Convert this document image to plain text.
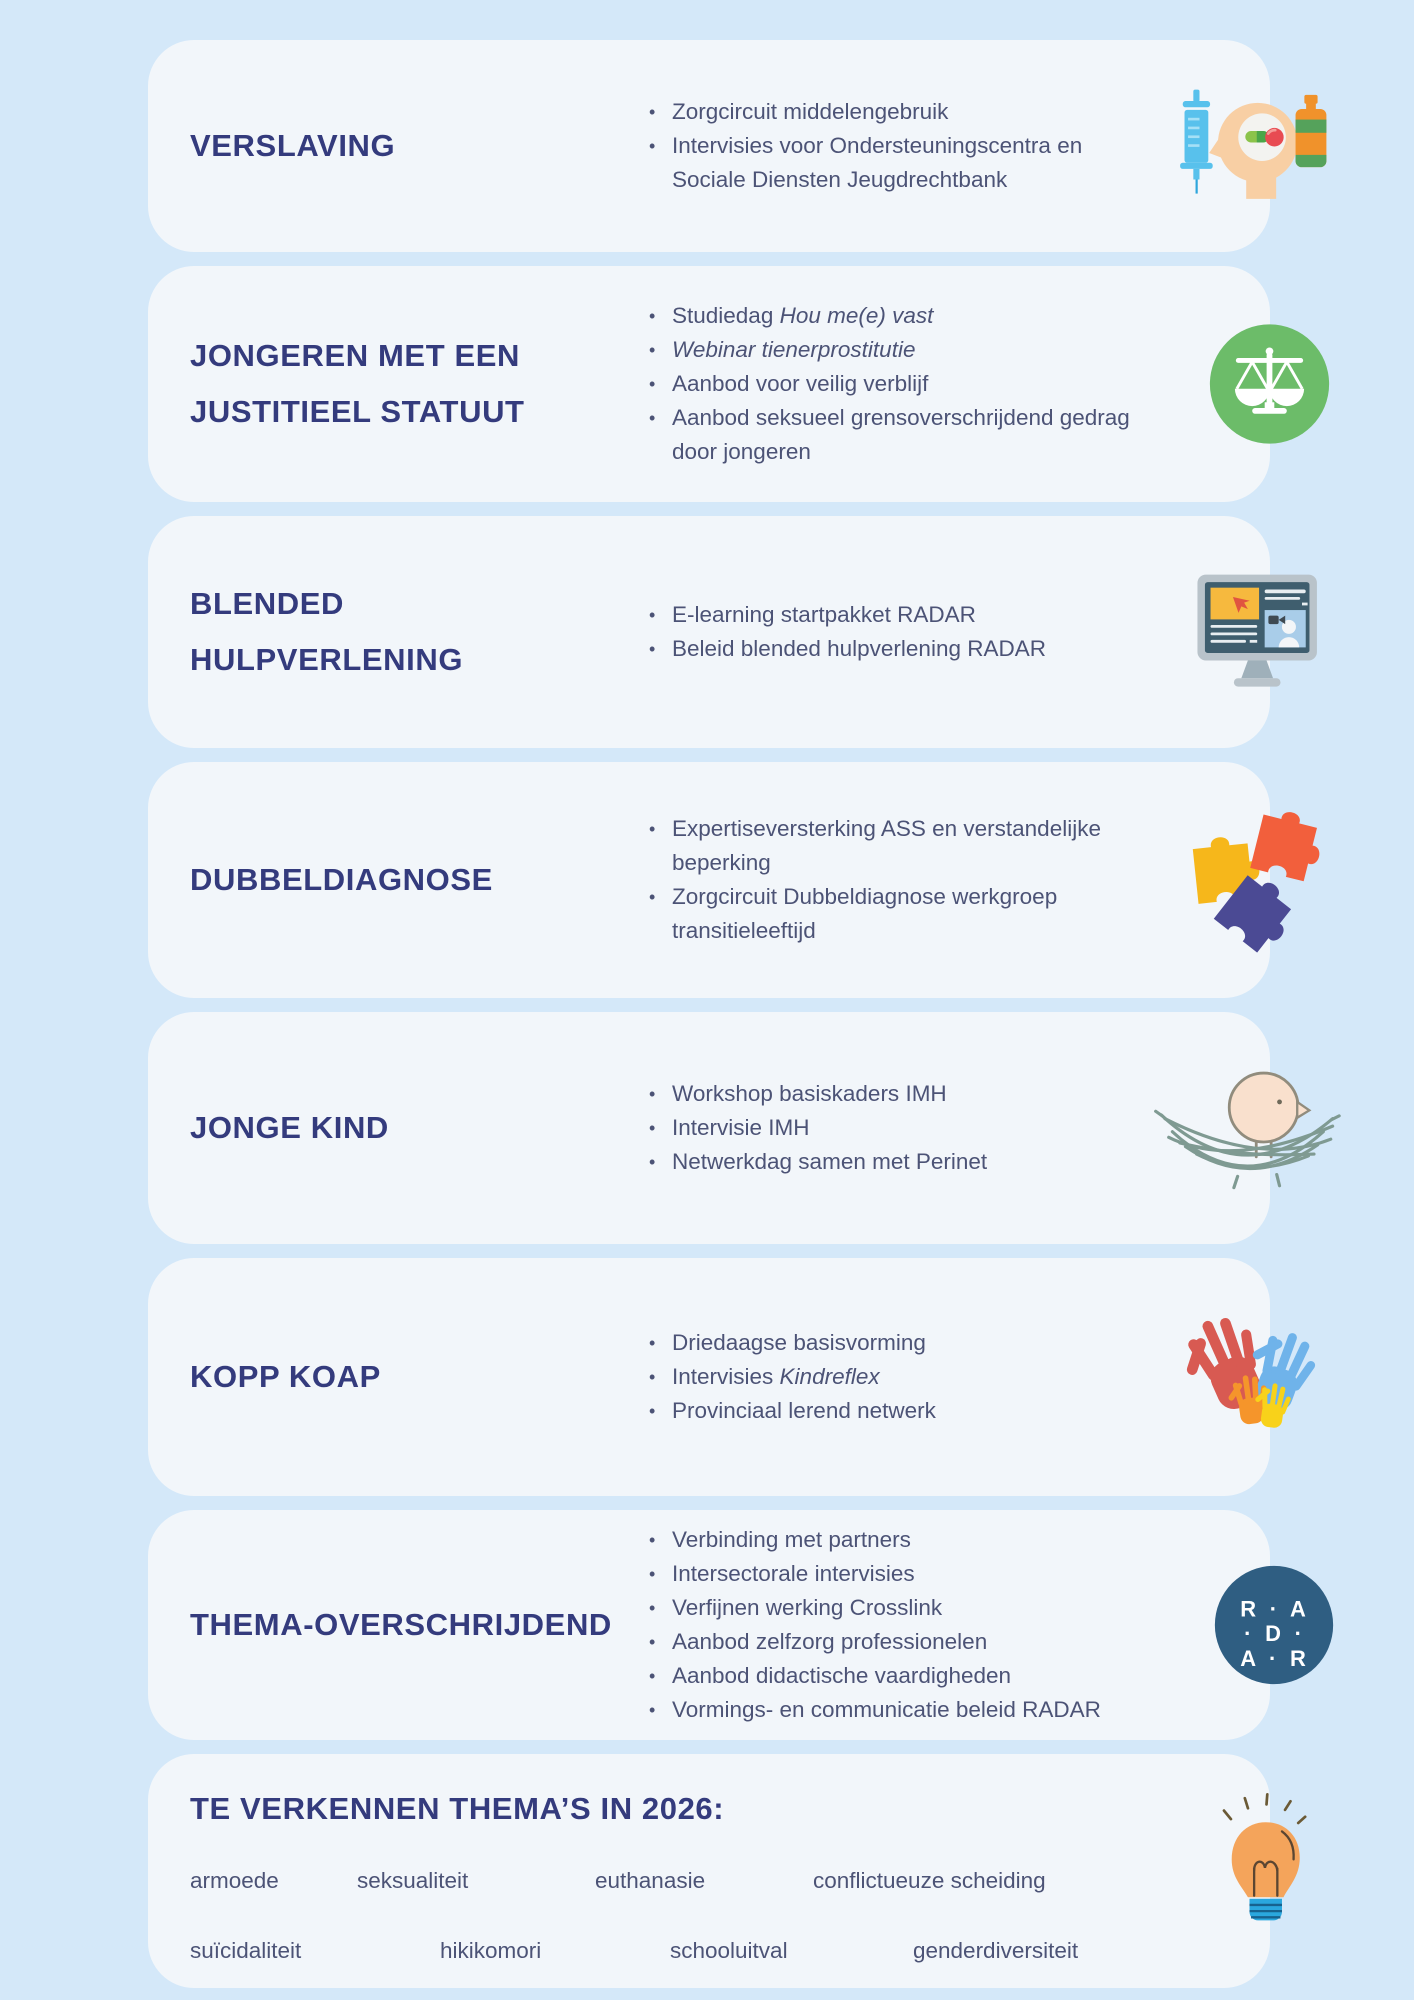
VERSLAVING
• Zorgcircuit middelengebruik
• Intervisies voor Ondersteuningscentra en Sociale Diensten Jeugdrechtbank
JONGEREN MET EEN JUSTITIEEL STATUUT
• Studiedag Hou me(e) vast
• Webinar tienerprostitutie
• Aanbod voor veilig verblijf
• Aanbod seksueel grensoverschrijdend gedrag door jongeren
BLENDED HULPVERLENING
• E-learning startpakket RADAR
• Beleid blended hulpverlening RADAR
DUBBELDIAGNOSE
• Expertiseversterking ASS en verstandelijke beperking
• Zorgcircuit Dubbeldiagnose werkgroep transitieleeftijd
JONGE KIND
• Workshop basiskaders IMH
• Intervisie IMH
• Netwerkdag samen met Perinet
KOPP KOAP
• Driedaagse basisvorming
• Intervisies Kindreflex
• Provinciaal lerend netwerk
THEMA-OVERSCHRIJDEND
• Verbinding met partners
• Intersectorale intervisies
• Verfijnen werking Crosslink
• Aanbod zelfzorg professionelen
• Aanbod didactische vaardigheden
• Vormings- en communicatie beleid RADAR
R · A
· D ·
A · R
TE VERKENNEN THEMA’S IN 2026:
armoede	seksualiteit	euthanasie	conflictueuze scheiding
suïcidaliteit	hikikomori	schooluitval	genderdiversiteit
